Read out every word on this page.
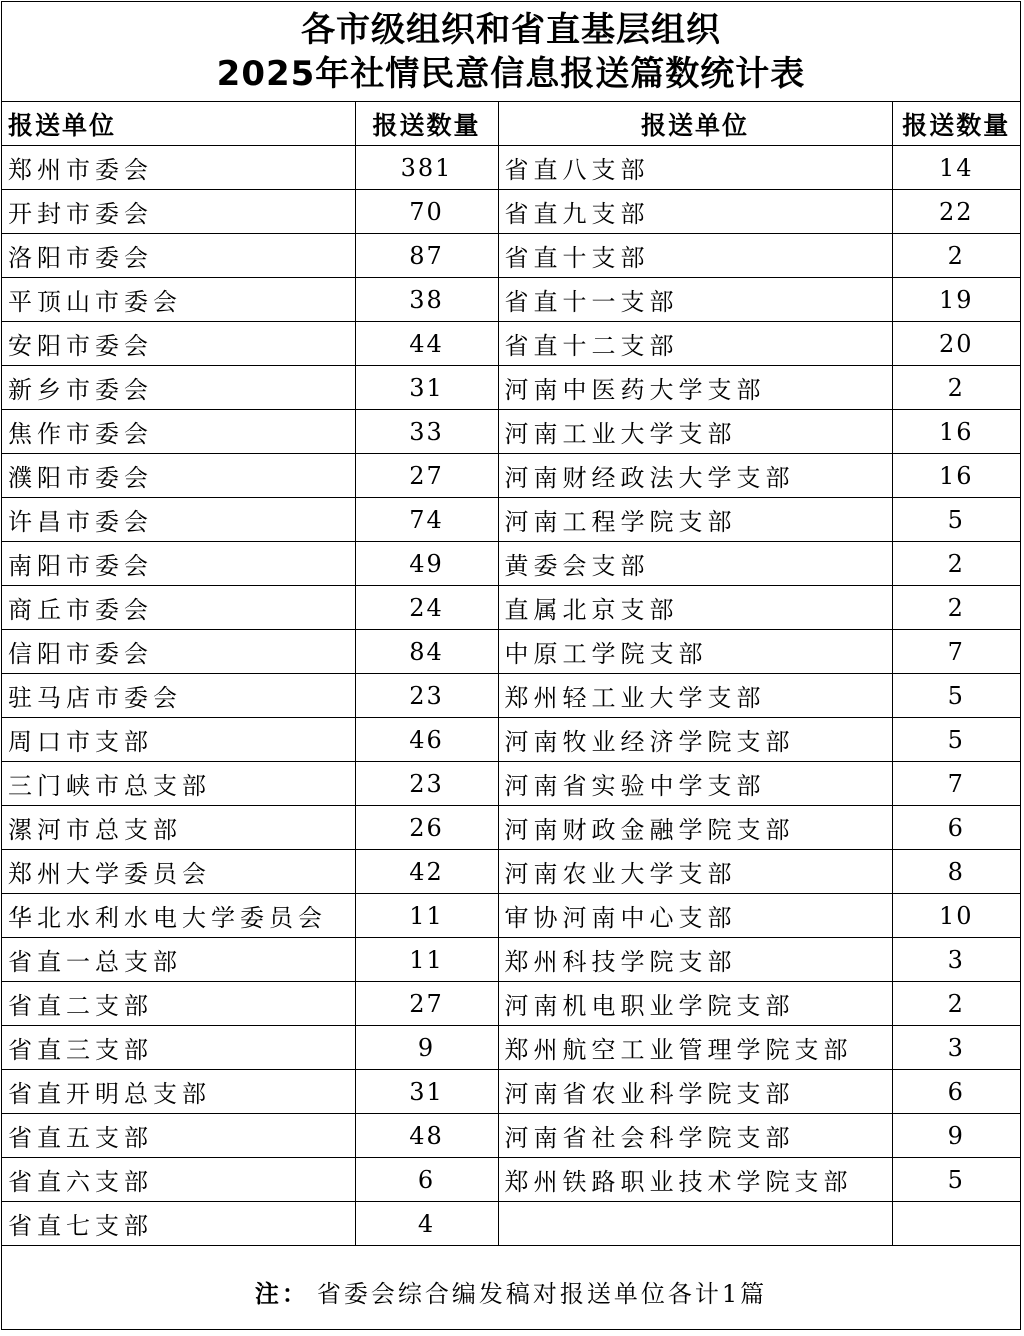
各市级组织和省直基层组织
2025年社情民意信息报送篇数统计表
报送单位	报送数量	报送单位	报送数量
郑州市委会	381	省直八支部	14
开封市委会	70	省直九支部	22
洛阳市委会	87	省直十支部	2
平顶山市委会	38	省直十一支部	19
安阳市委会	44	省直十二支部	20
新乡市委会	31	河南中医药大学支部	2
焦作市委会	33	河南工业大学支部	16
濮阳市委会	27	河南财经政法大学支部	16
许昌市委会	74	河南工程学院支部	5
南阳市委会	49	黄委会支部	2
商丘市委会	24	直属北京支部	2
信阳市委会	84	中原工学院支部	7
驻马店市委会	23	郑州轻工业大学支部	5
周口市支部	46	河南牧业经济学院支部	5
三门峡市总支部	23	河南省实验中学支部	7
漯河市总支部	26	河南财政金融学院支部	6
郑州大学委员会	42	河南农业大学支部	8
华北水利水电大学委员会	11	审协河南中心支部	10
省直一总支部	11	郑州科技学院支部	3
省直二支部	27	河南机电职业学院支部	2
省直三支部	9	郑州航空工业管理学院支部	3
省直开明总支部	31	河南省农业科学院支部	6
省直五支部	48	河南省社会科学院支部	9
省直六支部	6	郑州铁路职业技术学院支部	5
省直七支部	4		
注： 省委会综合编发稿对报送单位各计1篇
